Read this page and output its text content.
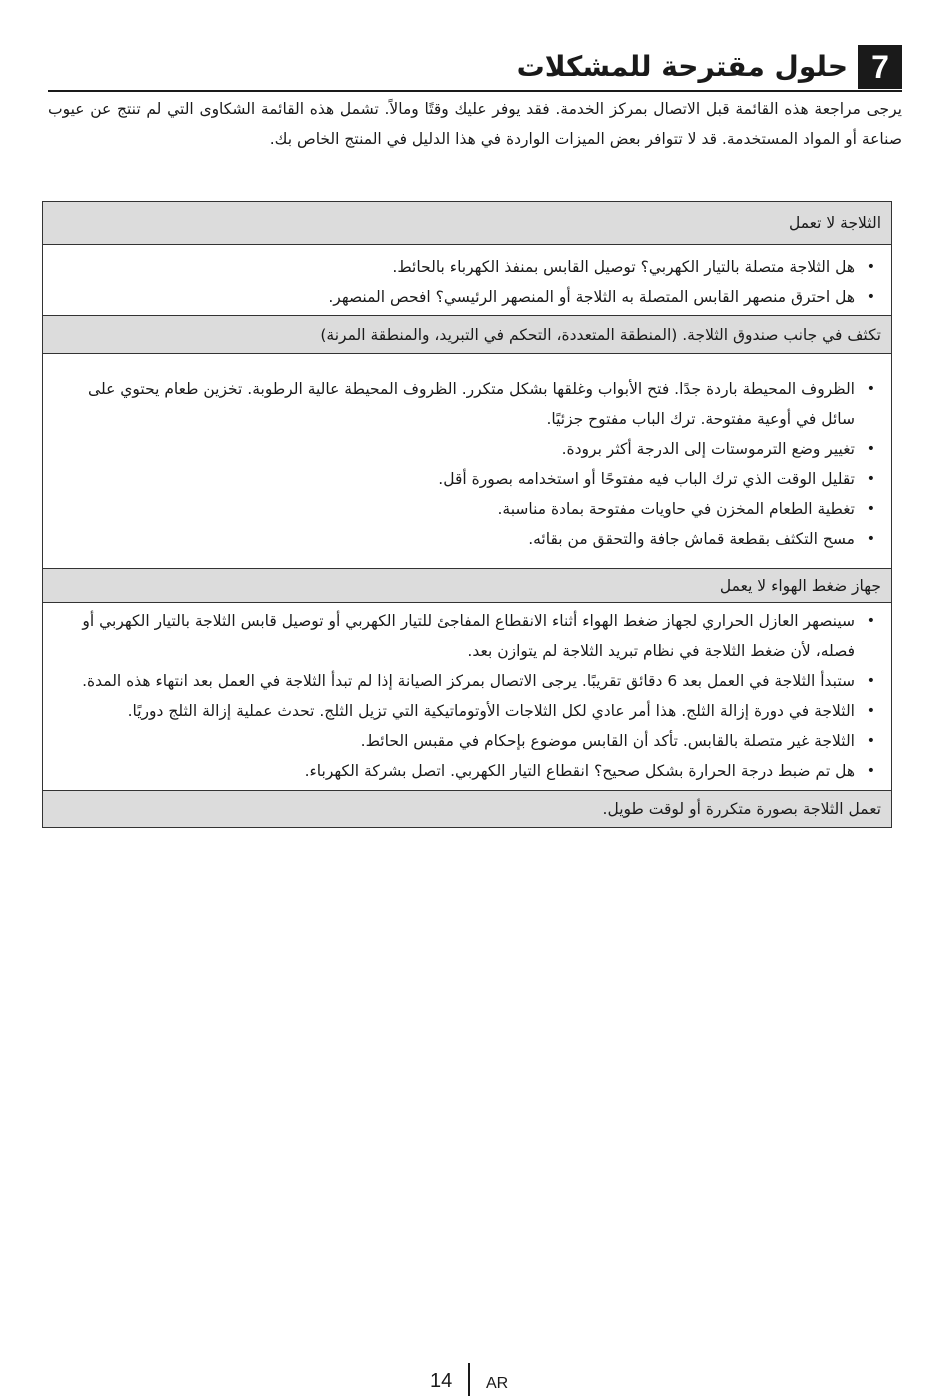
7
حلول مقترحة للمشكلات

يرجى مراجعة هذه القائمة قبل الاتصال بمركز الخدمة. فقد يوفر عليك وقتًا ومالاً. تشمل هذه القائمة الشكاوى التي لم تنتج عن عيوب صناعة أو المواد المستخدمة. قد لا تتوافر بعض الميزات الواردة في هذا الدليل في المنتج الخاص بك.

الثلاجة لا تعمل
•
هل الثلاجة متصلة بالتيار الكهربي؟ توصيل القابس بمنفذ الكهرباء بالحائط.
•
هل احترق منصهر القابس المتصلة به الثلاجة أو المنصهر الرئيسي؟ افحص المنصهر.
تكثف في جانب صندوق الثلاجة. (المنطقة المتعددة، التحكم في التبريد، والمنطقة المرنة)
•
الظروف المحيطة باردة جدًا. فتح الأبواب وغلقها بشكل متكرر. الظروف المحيطة عالية الرطوبة. تخزين طعام يحتوي على سائل في أوعية مفتوحة. ترك الباب مفتوح جزئيًا.
•
تغيير وضع الترموستات إلى الدرجة أكثر برودة.
•
تقليل الوقت الذي ترك الباب فيه مفتوحًا أو استخدامه بصورة أقل.
•
تغطية الطعام المخزن في حاويات مفتوحة بمادة مناسبة.
•
مسح التكثف بقطعة قماش جافة والتحقق من بقائه.
جهاز ضغط الهواء لا يعمل
•
سينصهر العازل الحراري لجهاز ضغط الهواء أثناء الانقطاع المفاجئ للتيار الكهربي أو توصيل قابس الثلاجة بالتيار الكهربي أو فصله، لأن ضغط الثلاجة في نظام تبريد الثلاجة لم يتوازن بعد.
•
ستبدأ الثلاجة في العمل بعد 6 دقائق تقريبًا. يرجى الاتصال بمركز الصيانة إذا لم تبدأ الثلاجة في العمل بعد انتهاء هذه المدة.
•
الثلاجة في دورة إزالة الثلج. هذا أمر عادي لكل الثلاجات الأوتوماتيكية التي تزيل الثلج. تحدث عملية إزالة الثلج دوريًا.
•
الثلاجة غير متصلة بالقابس. تأكد أن القابس موضوع بإحكام في مقبس الحائط.
•
هل تم ضبط درجة الحرارة بشكل صحيح؟ انقطاع التيار الكهربي. اتصل بشركة الكهرباء.
تعمل الثلاجة بصورة متكررة أو لوقت طويل.
14 AR
